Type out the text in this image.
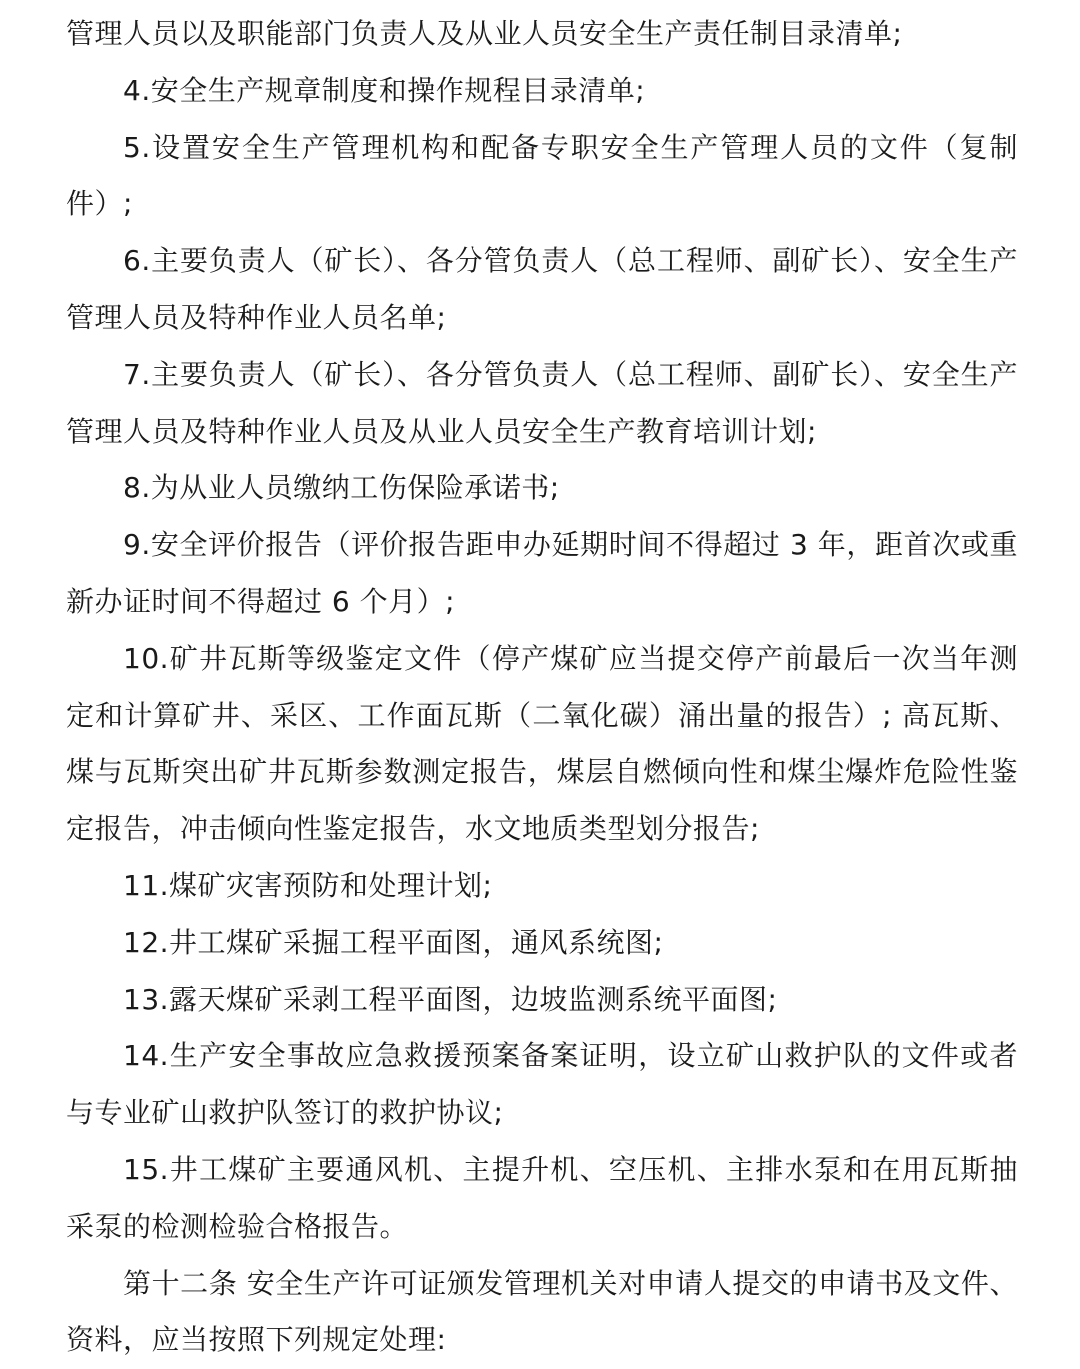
管理人员以及职能部门负责人及从业人员安全生产责任制目录清单;

4.安全生产规章制度和操作规程目录清单;

5.设置安全生产管理机构和配备专职安全生产管理人员的文件（复制件）;

6.主要负责人（矿长）、各分管负责人（总工程师、副矿长）、安全生产管理人员及特种作业人员名单;

7.主要负责人（矿长）、各分管负责人（总工程师、副矿长）、安全生产管理人员及特种作业人员及从业人员安全生产教育培训计划;

8.为从业人员缴纳工伤保险承诺书;

9.安全评价报告（评价报告距申办延期时间不得超过 3 年，距首次或重新办证时间不得超过 6 个月）;

10.矿井瓦斯等级鉴定文件（停产煤矿应当提交停产前最后一次当年测定和计算矿井、采区、工作面瓦斯（二氧化碳）涌出量的报告）; 高瓦斯、煤与瓦斯突出矿井瓦斯参数测定报告，煤层自燃倾向性和煤尘爆炸危险性鉴定报告，冲击倾向性鉴定报告，水文地质类型划分报告;

11.煤矿灾害预防和处理计划;

12.井工煤矿采掘工程平面图，通风系统图;

13.露天煤矿采剥工程平面图，边坡监测系统平面图;

14.生产安全事故应急救援预案备案证明，设立矿山救护队的文件或者与专业矿山救护队签订的救护协议;

15.井工煤矿主要通风机、主提升机、空压机、主排水泵和在用瓦斯抽采泵的检测检验合格报告。

第十二条 安全生产许可证颁发管理机关对申请人提交的申请书及文件、资料，应当按照下列规定处理:
